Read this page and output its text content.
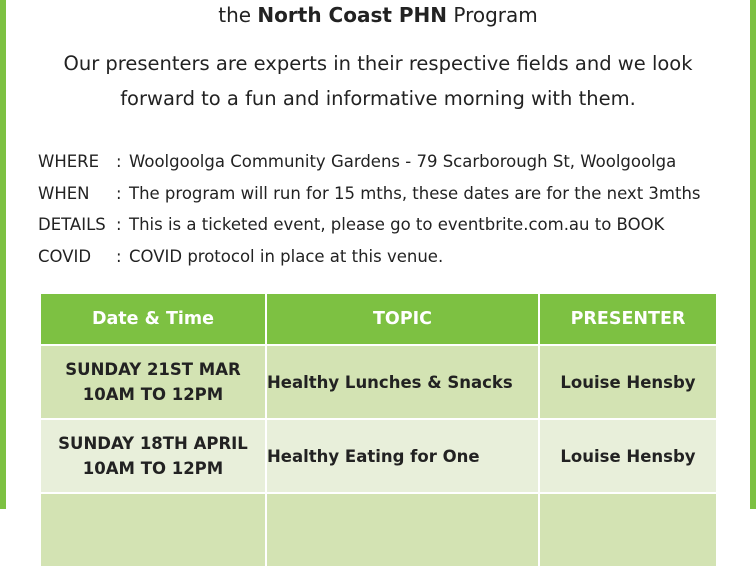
the North Coast PHN Program
Our presenters are experts in their respective fields and we look forward to a fun and informative morning with them.
WHERE	: Woolgoolga Community Gardens - 79 Scarborough St, Woolgoolga
WHEN	: The program will run for 15 mths, these dates are for the next 3mths
DETAILS : This is a ticketed event, please go to eventbrite.com.au to BOOK
COVID	: COVID protocol in place at this venue.
Date & Time	TOPIC	PRESENTER

SUNDAY 21ST MAR
10AM TO 12PM	Healthy Lunches & Snacks	Louise Hensby

SUNDAY 18TH APRIL
10AM TO 12PM	Healthy Eating for One	Louise Hensby
